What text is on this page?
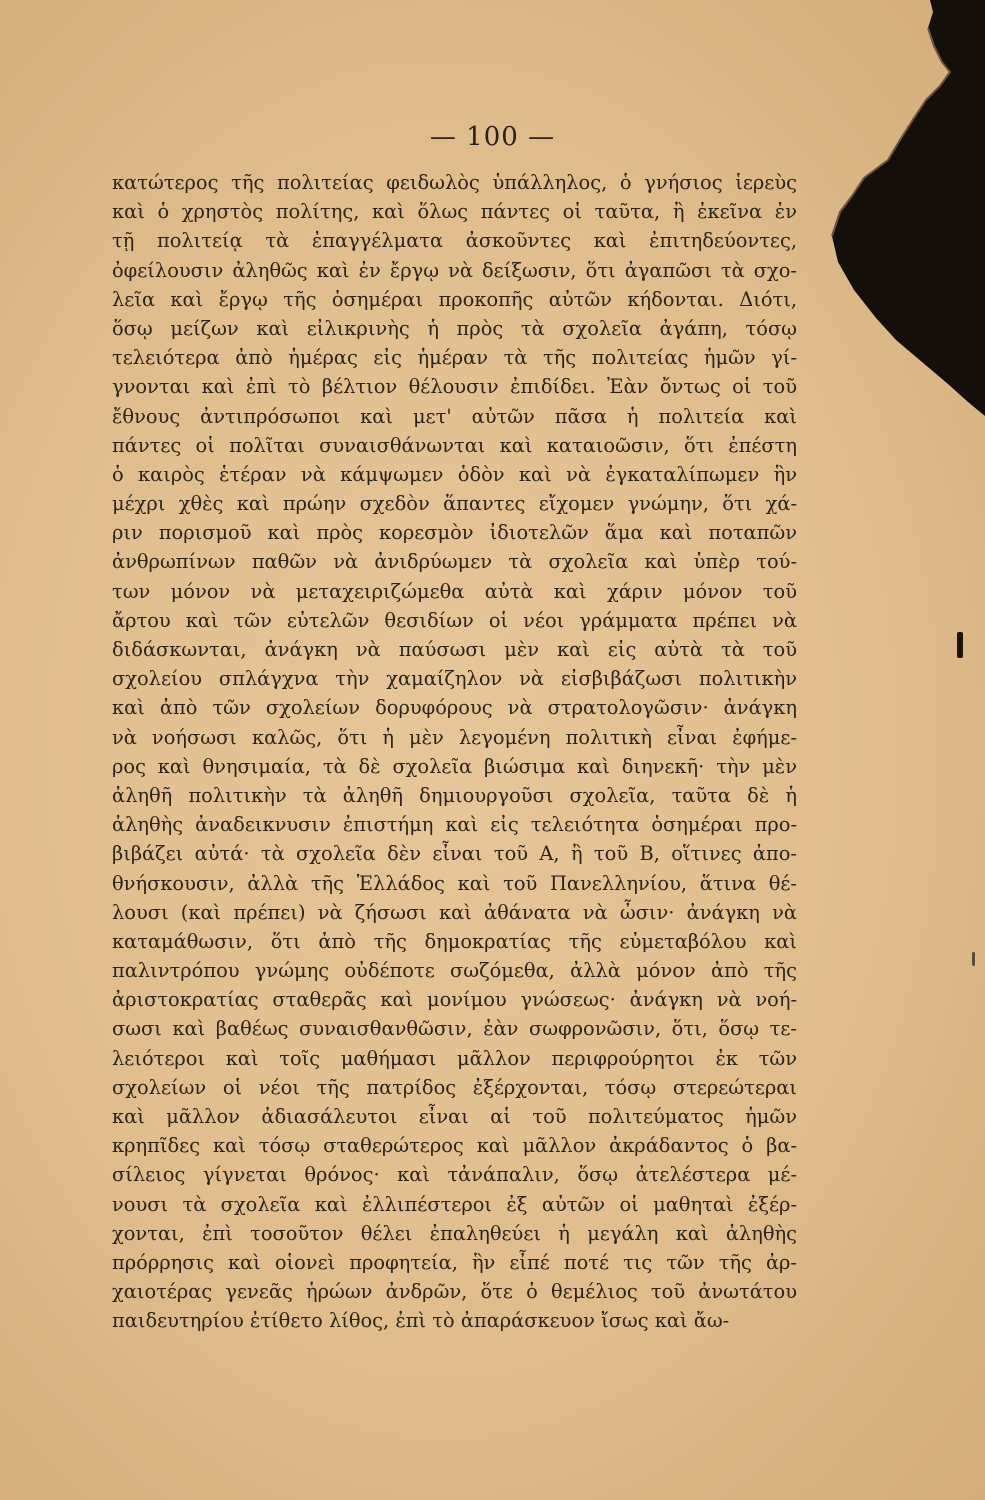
— 100 —
κατώτερος τῆς πολιτείας φειδωλὸς ὑπάλληλος, ὁ γνήσιος ἱερεὺς
καὶ ὁ χρηστὸς πολίτης, καὶ ὅλως πάντες οἱ ταῦτα, ἢ ἐκεῖνα ἐν
τῇ πολιτείᾳ τὰ ἐπαγγέλματα ἀσκοῦντες καὶ ἐπιτηδεύοντες,
ὀφείλουσιν ἀληθῶς καὶ ἐν ἔργῳ νὰ δείξωσιν, ὅτι ἀγαπῶσι τὰ σχο-
λεῖα καὶ ἔργῳ τῆς ὁσημέραι προκοπῆς αὐτῶν κήδονται. Διότι,
ὅσῳ μείζων καὶ εἰλικρινὴς ἡ πρὸς τὰ σχολεῖα ἀγάπη, τόσῳ
τελειότερα ἀπὸ ἡμέρας εἰς ἡμέραν τὰ τῆς πολιτείας ἡμῶν γί-
γνονται καὶ ἐπὶ τὸ βέλτιον θέλουσιν ἐπιδίδει. Ἐὰν ὄντως οἱ τοῦ
ἔθνους ἀντιπρόσωποι καὶ μετ' αὐτῶν πᾶσα ἡ πολιτεία καὶ
πάντες οἱ πολῖται συναισθάνωνται καὶ καταιοῶσιν, ὅτι ἐπέστη
ὁ καιρὸς ἑτέραν νὰ κάμψωμεν ὁδὸν καὶ νὰ ἐγκαταλίπωμεν ἣν
μέχρι χθὲς καὶ πρώην σχεδὸν ἅπαντες εἴχομεν γνώμην, ὅτι χά-
ριν πορισμοῦ καὶ πρὸς κορεσμὸν ἰδιοτελῶν ἅμα καὶ ποταπῶν
ἀνθρωπίνων παθῶν νὰ ἀνιδρύωμεν τὰ σχολεῖα καὶ ὑπὲρ τού-
των μόνον νὰ μεταχειριζώμεθα αὐτὰ καὶ χάριν μόνον τοῦ
ἄρτου καὶ τῶν εὐτελῶν θεσιδίων οἱ νέοι γράμματα πρέπει νὰ
διδάσκωνται, ἀνάγκη νὰ παύσωσι μὲν καὶ εἰς αὐτὰ τὰ τοῦ
σχολείου σπλάγχνα τὴν χαμαίζηλον νὰ εἰσβιβάζωσι πολιτικὴν
καὶ ἀπὸ τῶν σχολείων δορυφόρους νὰ στρατολογῶσιν· ἀνάγκη
νὰ νοήσωσι καλῶς, ὅτι ἡ μὲν λεγομένη πολιτικὴ εἶναι ἐφήμε-
ρος καὶ θνησιμαία, τὰ δὲ σχολεῖα βιώσιμα καὶ διηνεκῆ· τὴν μὲν
ἀληθῆ πολιτικὴν τὰ ἀληθῆ δημιουργοῦσι σχολεῖα, ταῦτα δὲ ἡ
ἀληθὴς ἀναδεικνυσιν ἐπιστήμη καὶ εἰς τελειότητα ὁσημέραι προ-
βιβάζει αὐτά· τὰ σχολεῖα δὲν εἶναι τοῦ Α, ἢ τοῦ Β, οἵτινες ἀπο-
θνήσκουσιν, ἀλλὰ τῆς Ἑλλάδος καὶ τοῦ Πανελληνίου, ἅτινα θέ-
λουσι (καὶ πρέπει) νὰ ζήσωσι καὶ ἀθάνατα νὰ ὦσιν· ἀνάγκη νὰ
καταμάθωσιν, ὅτι ἀπὸ τῆς δημοκρατίας τῆς εὐμεταβόλου καὶ
παλιντρόπου γνώμης οὐδέποτε σωζόμεθα, ἀλλὰ μόνον ἀπὸ τῆς
ἀριστοκρατίας σταθερᾶς καὶ μονίμου γνώσεως· ἀνάγκη νὰ νοή-
σωσι καὶ βαθέως συναισθανθῶσιν, ἐὰν σωφρονῶσιν, ὅτι, ὅσῳ τε-
λειότεροι καὶ τοῖς μαθήμασι μᾶλλον περιφρούρητοι ἐκ τῶν
σχολείων οἱ νέοι τῆς πατρίδος ἐξέρχονται, τόσῳ στερεώτεραι
καὶ μᾶλλον ἀδιασάλευτοι εἶναι αἱ τοῦ πολιτεύματος ἡμῶν
κρηπῖδες καὶ τόσῳ σταθερώτερος καὶ μᾶλλον ἀκράδαντος ὁ βα-
σίλειος γίγνεται θρόνος· καὶ τἀνάπαλιν, ὅσῳ ἀτελέστερα μέ-
νουσι τὰ σχολεῖα καὶ ἐλλιπέστεροι ἐξ αὐτῶν οἱ μαθηταὶ ἐξέρ-
χονται, ἐπὶ τοσοῦτον θέλει ἐπαληθεύει ἡ μεγάλη καὶ ἀληθὴς
πρόρρησις καὶ οἱονεὶ προφητεία, ἣν εἶπέ ποτέ τις τῶν τῆς ἀρ-
χαιοτέρας γενεᾶς ἡρώων ἀνδρῶν, ὅτε ὁ θεμέλιος τοῦ ἀνωτάτου
παιδευτηρίου ἐτίθετο λίθος, ἐπὶ τὸ ἀπαράσκευον ἴσως καὶ ἄω-
